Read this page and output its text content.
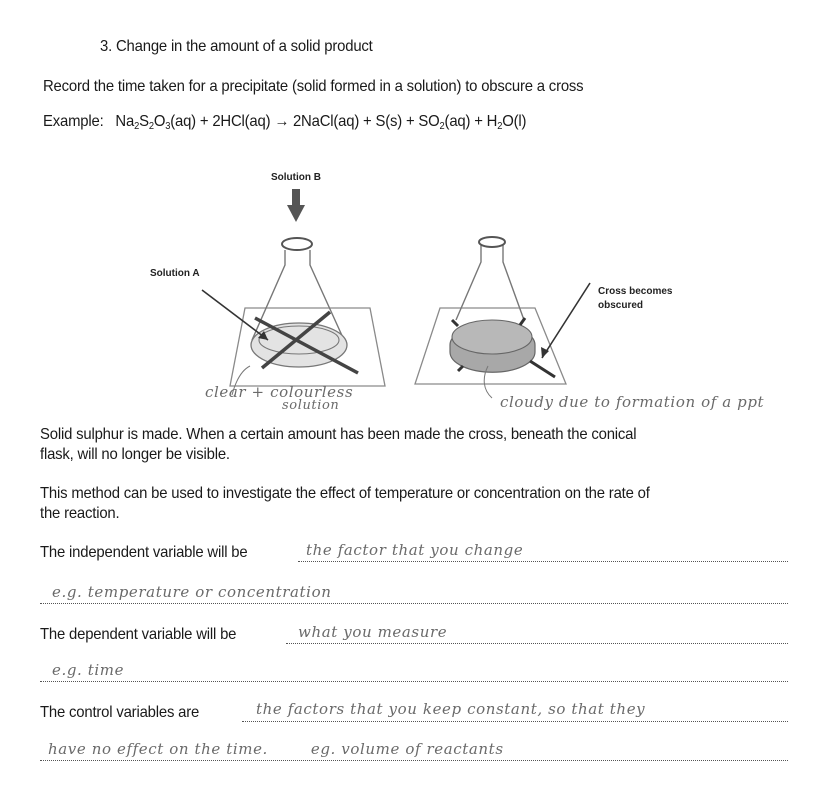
3. Change in the amount of a solid product
Record the time taken for a precipitate (solid formed in a solution) to obscure a cross
Example: $Na_2S_2O_3(aq) + 2HCl(aq)$ → 2NaCl(aq) + $S(s) + SO_2(aq) + H_2O(l)$
Solution B
Solution A
clear + colourless
solution
Cross becomes
obscured
cloudy due to formation of a ppt
Solid sulphur is made. When a certain amount has been made the cross, beneath the conical
flask, will no longer be visible.
This method can be used to investigate the effect of temperature or concentration on the rate of
the reaction.
The independent variable will be	the factor that you change
e.g. temperature or concentration
The dependent variable will be	what you measure
e.g. time
The control variables are	the factors that you keep constant, so that they
have no effect on the time.        eg. volume of reactants
